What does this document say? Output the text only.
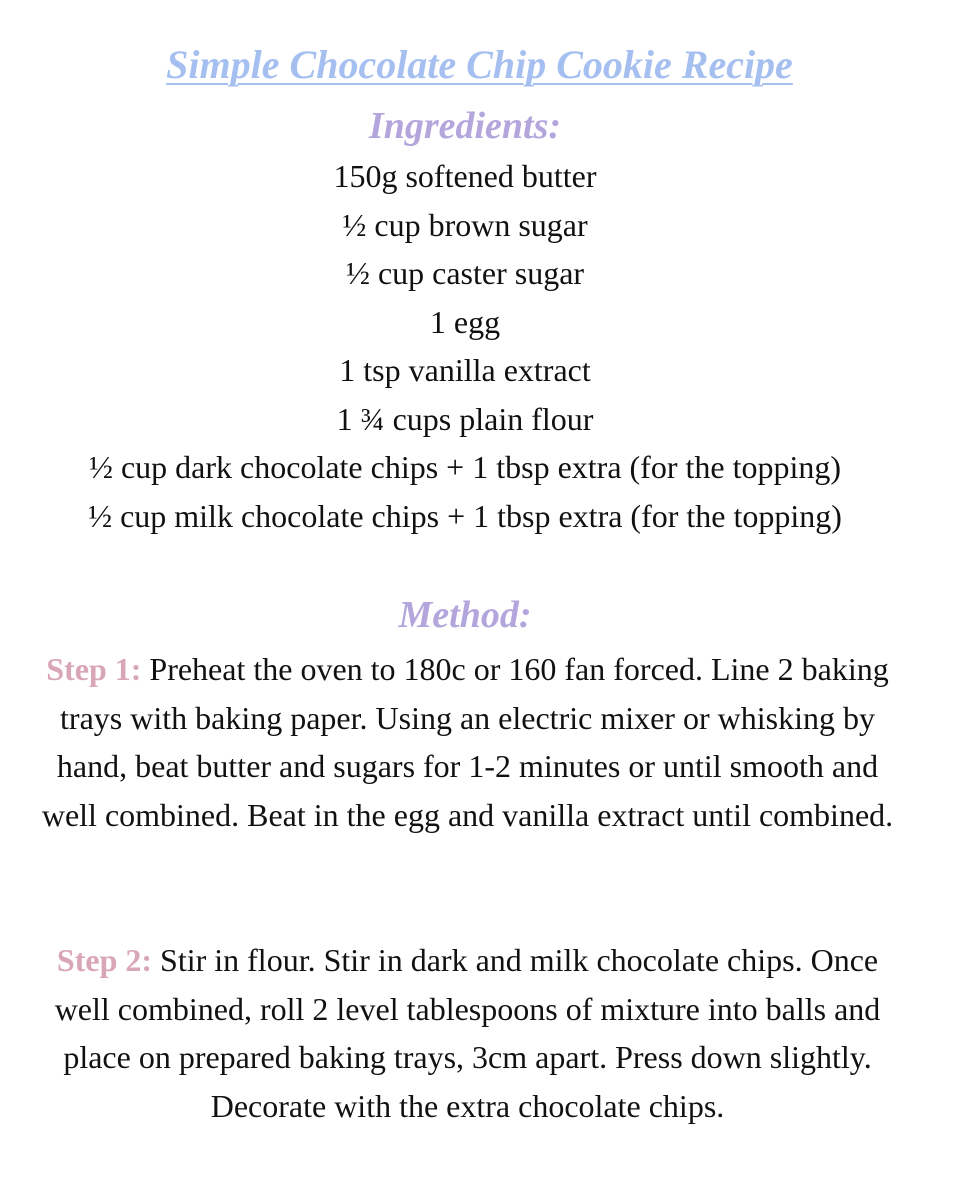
Simple Chocolate Chip Cookie Recipe
Ingredients:
150g softened butter
½ cup brown sugar
½ cup caster sugar
1 egg
1 tsp vanilla extract
1 ¾ cups plain flour
½ cup dark chocolate chips + 1 tbsp extra (for the topping)
½ cup milk chocolate chips + 1 tbsp extra (for the topping)
Method:

Step 1: Preheat the oven to 180c or 160 fan forced. Line 2 baking trays with baking paper. Using an electric mixer or whisking by hand, beat butter and sugars for 1-2 minutes or until smooth and well combined. Beat in the egg and vanilla extract until combined.

Step 2: Stir in flour. Stir in dark and milk chocolate chips. Once well combined, roll 2 level tablespoons of mixture into balls and place on prepared baking trays, 3cm apart. Press down slightly. Decorate with the extra chocolate chips.
